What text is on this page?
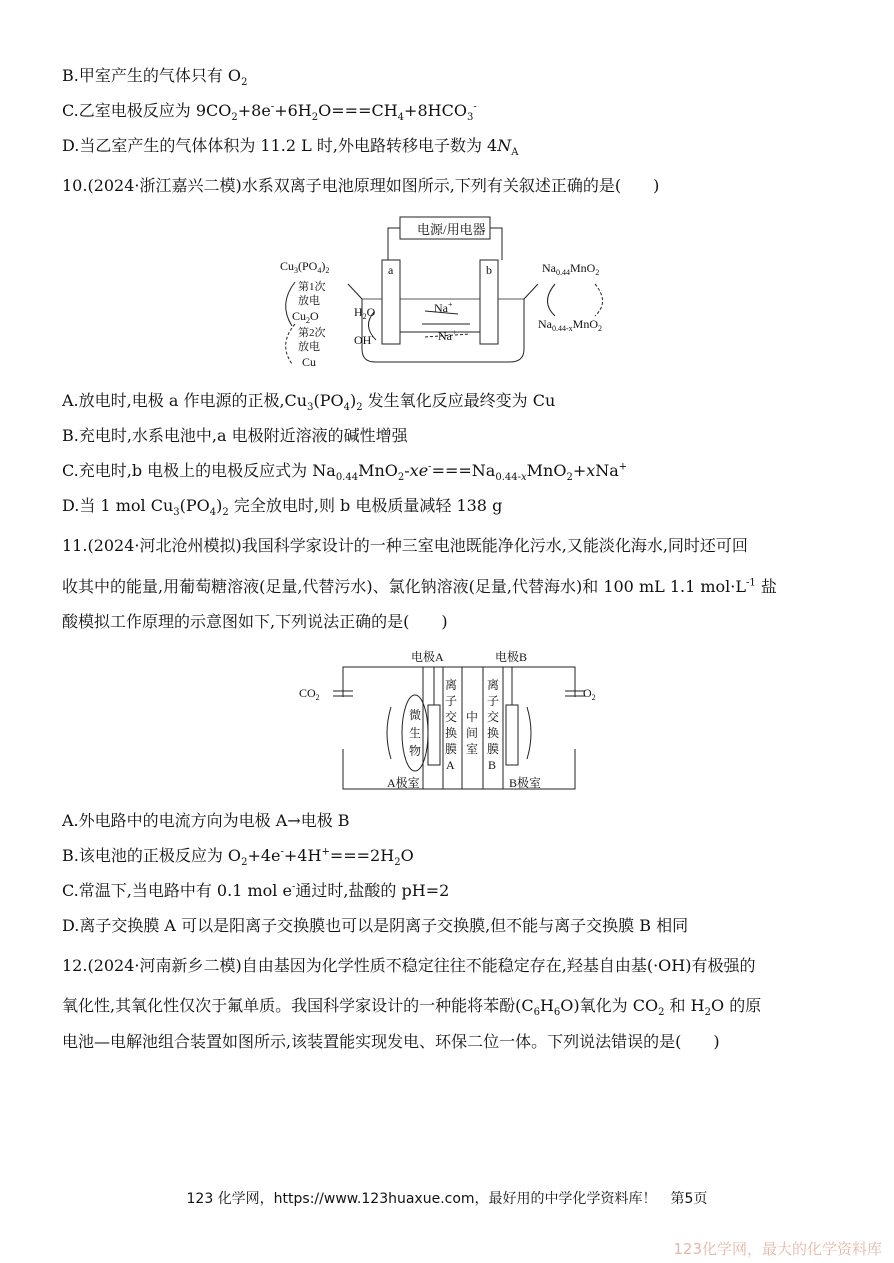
B.甲室产生的气体只有 $O_2$
C.乙室电极反应为 $9CO_2+8e^-+6H_2O===CH_4+8HCO_3^-$
D.当乙室产生的气体体积为 11.2 L 时,外电路转移电子数为 $4N_A$
10.(2024·浙江嘉兴二模)水系双离子电池原理如图所示,下列有关叙述正确的是(　　)
电源/用电器
a	b
$Cu_3(PO_4)_2$
第1次
放电
$Cu_2O$
第2次
放电
Cu
$H_2O$
OH-
Na+
Na+
$Na_{0.44}MnO_2$
$Na_{0.44-x}MnO_2$
A.放电时,电极 a 作电源的正极$,Cu_3(PO_4)_2$ 发生氧化反应最终变为 Cu
B.充电时,水系电池中,a 电极附近溶液的碱性增强
C.充电时,b 电极上的电极反应式为 $Na_{0.44}MnO_2-xe^-===Na_{0.44-x}MnO_2+xNa^+$
D.当 1 mol $Cu_3(PO_4)_2$ 完全放电时,则 b 电极质量减轻 138 g
11.(2024·河北沧州模拟)我国科学家设计的一种三室电池既能净化污水,又能淡化海水,同时还可回
收其中的能量,用葡萄糖溶液(足量,代替污水)、氯化钠溶液(足量,代替海水)和 100 mL 1.1 $mol\cdot L^{-1}$ 盐
酸模拟工作原理的示意图如下,下列说法正确的是(　　)
电极A	电极B
$CO_2$	$O_2$
微
生
物
离
子
交
换
膜
A
中
间
室
离
子
交
换
膜
B
A极室	B极室
A.外电路中的电流方向为电极 A→电极 B
B.该电池的正极反应为 $O_2+4e^-+4H^+===2H_2O$
C.常温下,当电路中有 0.1 mol e-通过时,盐酸的 pH=2
D.离子交换膜 A 可以是阳离子交换膜也可以是阴离子交换膜,但不能与离子交换膜 B 相同
12.(2024·河南新乡二模)自由基因为化学性质不稳定往往不能稳定存在,羟基自由基(·OH)有极强的
氧化性,其氧化性仅次于氟单质。我国科学家设计的一种能将苯酚$(C_6H_6O)$氧化为 $CO_2$ 和 $H_2O$ 的原
电池—电解池组合装置如图所示,该装置能实现发电、环保二位一体。下列说法错误的是(　　)
123 化学网，https://www.123huaxue.com，最好用的中学化学资料库！　第5页
123化学网，最大的化学资料库
